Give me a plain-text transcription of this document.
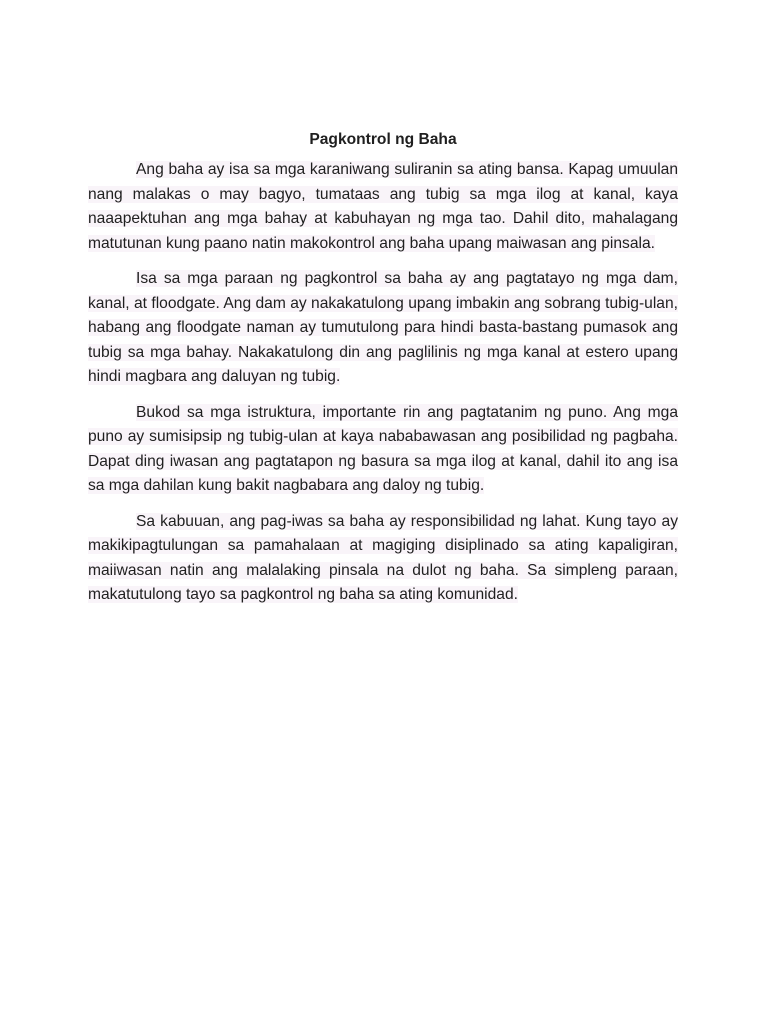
Pagkontrol ng Baha

Ang baha ay isa sa mga karaniwang suliranin sa ating bansa. Kapag umuulan nang malakas o may bagyo, tumataas ang tubig sa mga ilog at kanal, kaya naaapektuhan ang mga bahay at kabuhayan ng mga tao. Dahil dito, mahalagang matutunan kung paano natin makokontrol ang baha upang maiwasan ang pinsala.

Isa sa mga paraan ng pagkontrol sa baha ay ang pagtatayo ng mga dam, kanal, at floodgate. Ang dam ay nakakatulong upang imbakin ang sobrang tubig-ulan, habang ang floodgate naman ay tumutulong para hindi basta-bastang pumasok ang tubig sa mga bahay. Nakakatulong din ang paglilinis ng mga kanal at estero upang hindi magbara ang daluyan ng tubig.

Bukod sa mga istruktura, importante rin ang pagtatanim ng puno. Ang mga puno ay sumisipsip ng tubig-ulan at kaya nababawasan ang posibilidad ng pagbaha. Dapat ding iwasan ang pagtatapon ng basura sa mga ilog at kanal, dahil ito ang isa sa mga dahilan kung bakit nagbabara ang daloy ng tubig.

Sa kabuuan, ang pag-iwas sa baha ay responsibilidad ng lahat. Kung tayo ay makikipagtulungan sa pamahalaan at magiging disiplinado sa ating kapaligiran, maiiwasan natin ang malalaking pinsala na dulot ng baha. Sa simpleng paraan, makatutulong tayo sa pagkontrol ng baha sa ating komunidad.
